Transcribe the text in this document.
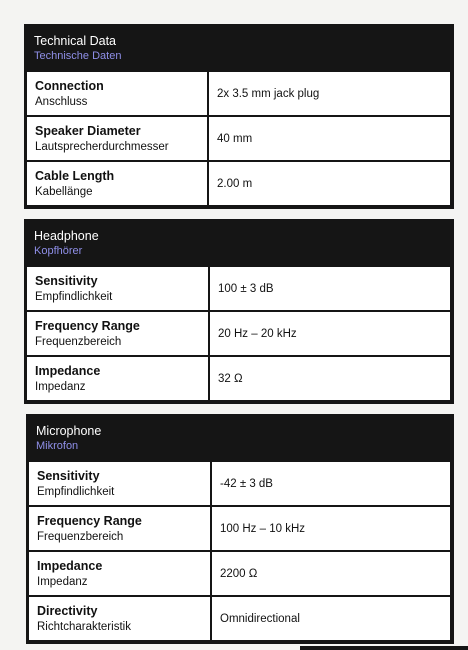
Technical Data
Technische Daten
Connection
Anschluss
2x 3.5 mm jack plug
Speaker Diameter
Lautsprecherdurchmesser
40 mm
Cable Length
Kabellänge
2.00 m
Headphone
Kopfhörer
Sensitivity
Empfindlichkeit
100 ± 3 dB
Frequency Range
Frequenzbereich
20 Hz – 20 kHz
Impedance
Impedanz
32 Ω
Microphone
Mikrofon
Sensitivity
Empfindlichkeit
-42 ± 3 dB
Frequency Range
Frequenzbereich
100 Hz – 10 kHz
Impedance
Impedanz
2200 Ω
Directivity
Richtcharakteristik
Omnidirectional
